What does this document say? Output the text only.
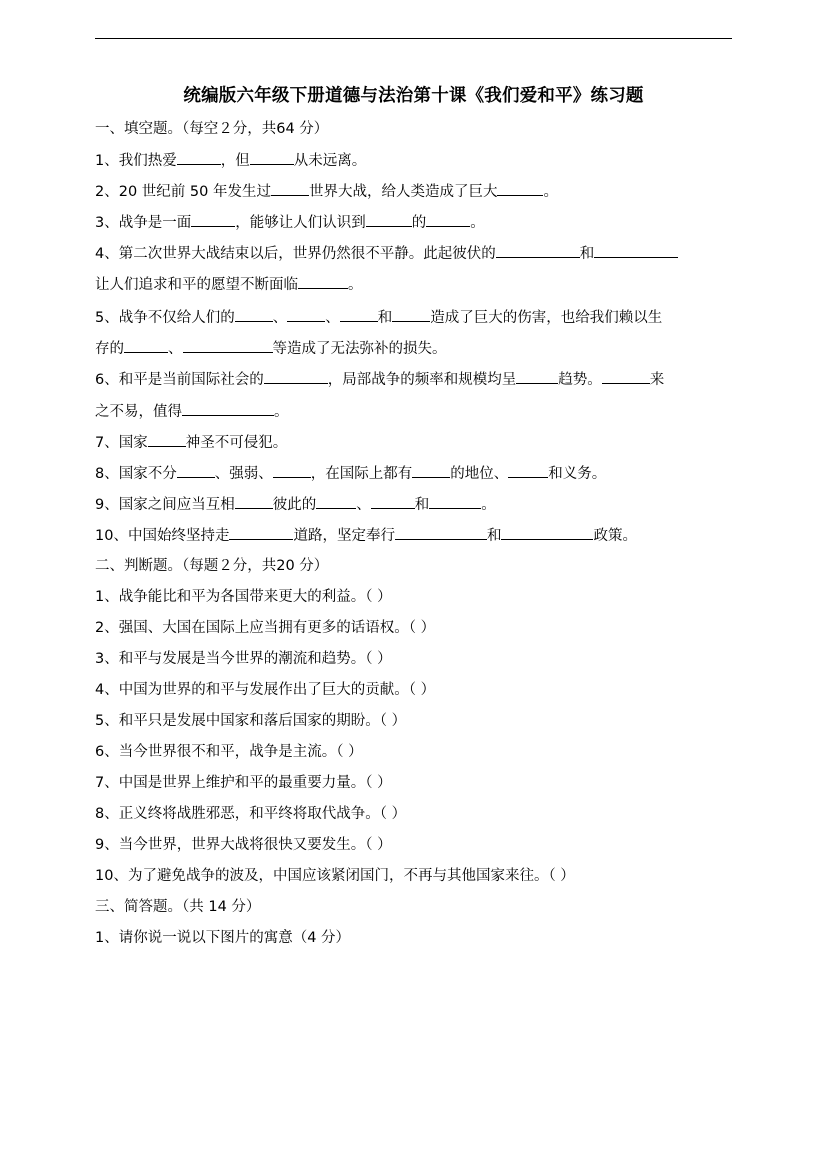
统编版六年级下册道德与法治第十课《我们爱和平》练习题
一、填空题。（每空２分，共64 分）
1、我们热爱	，但	从未远离。
2、20 世纪前 50 年发生过	世界大战，给人类造成了巨大	。
3、战争是一面	，能够让人们认识到	的	。
4、第二次世界大战结束以后，世界仍然很不平静。此起彼伏的	和
让人们追求和平的愿望不断面临	。
5、战争不仅给人们的	、	、	和	造成了巨大的伤害，也给我们赖以生
存的	、	等造成了无法弥补的损失。
6、和平是当前国际社会的	，局部战争的频率和规模均呈	趋势。	来
之不易，值得	。
7、国家	神圣不可侵犯。
8、国家不分	、强弱、	，在国际上都有	的地位、	和义务。
9、国家之间应当互相	彼此的	、	和	。
10、中国始终坚持走	道路，坚定奉行	和	政策。
二、判断题。（每题２分，共20 分）
1、战争能比和平为各国带来更大的利益。（ ）
2、强国、大国在国际上应当拥有更多的话语权。（ ）
3、和平与发展是当今世界的潮流和趋势。（ ）
4、中国为世界的和平与发展作出了巨大的贡献。（ ）
5、和平只是发展中国家和落后国家的期盼。（ ）
6、当今世界很不和平，战争是主流。（ ）
7、中国是世界上维护和平的最重要力量。（ ）
8、正义终将战胜邪恶，和平终将取代战争。（ ）
9、当今世界，世界大战将很快又要发生。（ ）
10、为了避免战争的波及，中国应该紧闭国门，不再与其他国家来往。（ ）
三、简答题。（共 14 分）
1、请你说一说以下图片的寓意（4 分）
